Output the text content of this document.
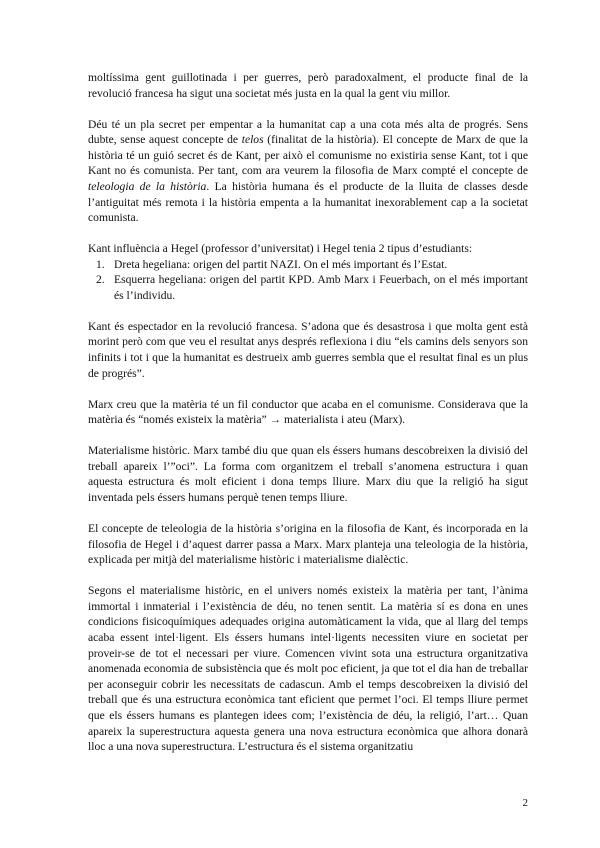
moltíssima gent guillotinada i per guerres, però paradoxalment, el producte final de la revolució francesa ha sigut una societat més justa en la qual la gent viu millor.

Déu té un pla secret per empentar a la humanitat cap a una cota més alta de progrés. Sens dubte, sense aquest concepte de telos (finalitat de la història). El concepte de Marx de que la història té un guió secret és de Kant, per això el comunisme no existiria sense Kant, tot i que Kant no és comunista. Per tant, com ara veurem la filosofia de Marx compté el concepte de teleologia de la història. La història humana és el producte de la lluita de classes desde l’antiguitat més remota i la història empenta a la humanitat inexorablement cap a la societat comunista.

Kant influència a Hegel (professor d’universitat) i Hegel tenia 2 tipus d’estudiants:

1. Dreta hegeliana: origen del partit NAZI. On el més important és l’Estat.
2. Esquerra hegeliana: origen del partit KPD. Amb Marx i Feuerbach, on el més important és l’individu.

Kant és espectador en la revolució francesa. S’adona que és desastrosa i que molta gent està morint però com que veu el resultat anys després reflexiona i diu “els camins dels senyors son infinits i tot i que la humanitat es destrueix amb guerres sembla que el resultat final es un plus de progrés”.

Marx creu que la matèria té un fil conductor que acaba en el comunisme. Considerava que la matèria és “només existeix la matèria” → materialista i ateu (Marx).

Materialisme històric. Marx també diu que quan els éssers humans descobreixen la divisió del treball apareix l’”oci”. La forma com organitzem el treball s’anomena estructura i quan aquesta estructura és molt eficient i dona temps lliure. Marx diu que la religió ha sigut inventada pels éssers humans perquè tenen temps lliure.

El concepte de teleologia de la història s’origina en la filosofia de Kant, és incorporada en la filosofia de Hegel i d’aquest darrer passa a Marx. Marx planteja una teleologia de la història, explicada per mitjà del materialisme històric i materialisme dialèctic.

Segons el materialisme històric, en el univers només existeix la matèria per tant, l’ànima immortal i inmaterial i l’existència de déu, no tenen sentit. La matèria sí es dona en unes condicions fisicoquímiques adequades origina automàticament la vida, que al llarg del temps acaba essent intel·ligent. Els éssers humans intel·ligents necessiten viure en societat per proveir-se de tot el necessari per viure. Comencen vivint sota una estructura organitzativa anomenada economia de subsistència que és molt poc eficient, ja que tot el dia han de treballar per aconseguir cobrir les necessitats de cadascun. Amb el temps descobreixen la divisió del treball que és una estructura econòmica tant eficient que permet l’oci. El temps lliure permet que els éssers humans es plantegen idees com; l’existència de déu, la religió, l’art… Quan apareix la superestructura aquesta genera una nova estructura econòmica que alhora donarà lloc a una nova superestructura. L’estructura és el sistema organitzatiu

2
